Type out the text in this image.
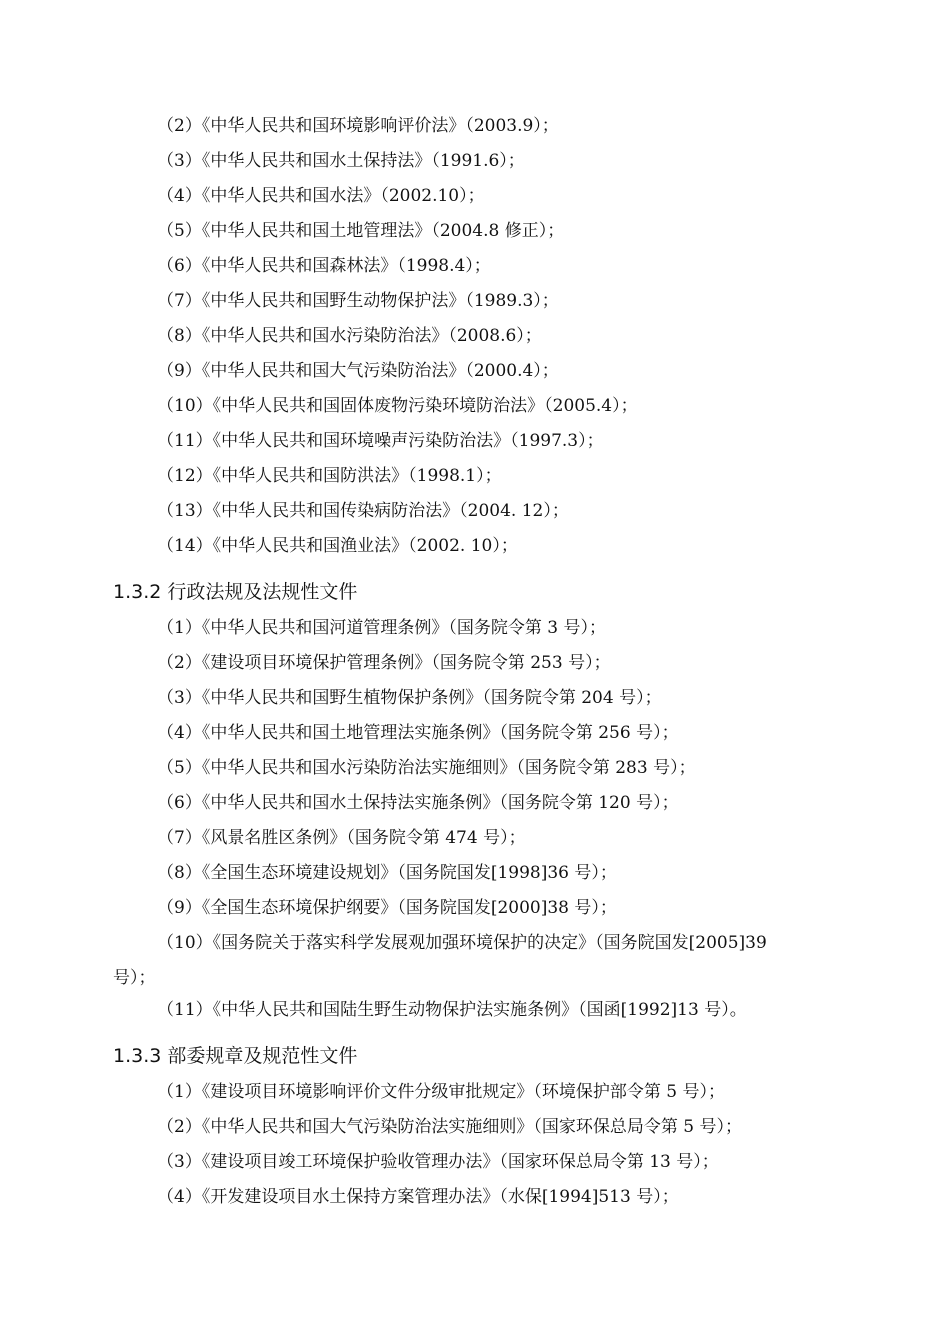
（2）《中华人民共和国环境影响评价法》（2003.9）；
（3）《中华人民共和国水土保持法》（1991.6）；
（4）《中华人民共和国水法》（2002.10）；
（5）《中华人民共和国土地管理法》（2004.8 修正）；
（6）《中华人民共和国森林法》（1998.4）；
（7）《中华人民共和国野生动物保护法》（1989.3）；
（8）《中华人民共和国水污染防治法》（2008.6）；
（9）《中华人民共和国大气污染防治法》（2000.4）；
（10）《中华人民共和国固体废物污染环境防治法》（2005.4）；
（11）《中华人民共和国环境噪声污染防治法》（1997.3）；
（12）《中华人民共和国防洪法》（1998.1）；
（13）《中华人民共和国传染病防治法》（2004. 12）；
（14）《中华人民共和国渔业法》（2002. 10）；
1.3.2 行政法规及法规性文件
（1）《中华人民共和国河道管理条例》（国务院令第 3 号）；
（2）《建设项目环境保护管理条例》（国务院令第 253 号）；
（3）《中华人民共和国野生植物保护条例》（国务院令第 204 号）；
（4）《中华人民共和国土地管理法实施条例》（国务院令第 256 号）；
（5）《中华人民共和国水污染防治法实施细则》（国务院令第 283 号）；
（6）《中华人民共和国水土保持法实施条例》（国务院令第 120 号）；
（7）《风景名胜区条例》（国务院令第 474 号）；
（8）《全国生态环境建设规划》（国务院国发[1998]36 号）；
（9）《全国生态环境保护纲要》（国务院国发[2000]38 号）；
（10）《国务院关于落实科学发展观加强环境保护的决定》（国务院国发[2005]39
号）；
（11）《中华人民共和国陆生野生动物保护法实施条例》（国函[1992]13 号）。
1.3.3 部委规章及规范性文件
（1）《建设项目环境影响评价文件分级审批规定》（环境保护部令第 5 号）；
（2）《中华人民共和国大气污染防治法实施细则》（国家环保总局令第 5 号）；
（3）《建设项目竣工环境保护验收管理办法》（国家环保总局令第 13 号）；
（4）《开发建设项目水土保持方案管理办法》（水保[1994]513 号）；
